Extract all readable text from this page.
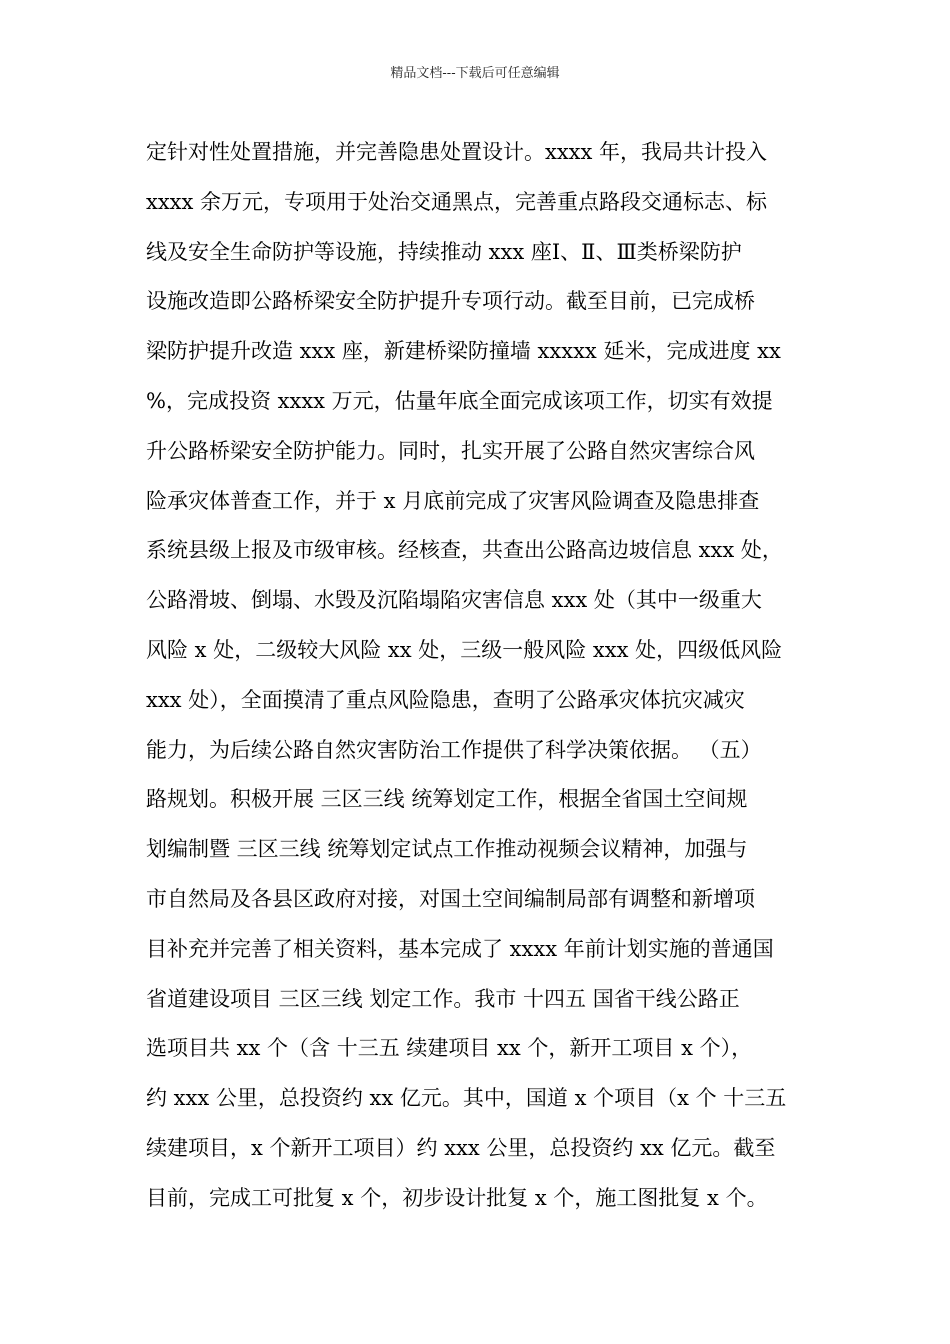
精品文档---下载后可任意编辑
定针对性处置措施，并完善隐患处置设计。xxxx 年，我局共计投入
xxxx 余万元，专项用于处治交通黑点，完善重点路段交通标志、标
线及安全生命防护等设施，持续推动 xxx 座Ⅰ、Ⅱ、Ⅲ类桥梁防护
设施改造即公路桥梁安全防护提升专项行动。截至目前，已完成桥
梁防护提升改造 xxx 座，新建桥梁防撞墙 xxxxx 延米，完成进度 xx
%，完成投资 xxxx 万元，估量年底全面完成该项工作，切实有效提
升公路桥梁安全防护能力。同时，扎实开展了公路自然灾害综合风
险承灾体普查工作，并于 x 月底前完成了灾害风险调查及隐患排查
系统县级上报及市级审核。经核查，共查出公路高边坡信息 xxx 处，
公路滑坡、倒塌、水毁及沉陷塌陷灾害信息 xxx 处（其中一级重大
风险 x 处，二级较大风险 xx 处，三级一般风险 xxx 处，四级低风险
xxx 处），全面摸清了重点风险隐患，查明了公路承灾体抗灾减灾
能力，为后续公路自然灾害防治工作提供了科学决策依据。 （五）
路规划。积极开展 三区三线 统筹划定工作，根据全省国土空间规
划编制暨 三区三线 统筹划定试点工作推动视频会议精神，加强与
市自然局及各县区政府对接，对国土空间编制局部有调整和新增项
目补充并完善了相关资料，基本完成了 xxxx 年前计划实施的普通国
省道建设项目 三区三线 划定工作。我市 十四五 国省干线公路正
选项目共 xx 个（含 十三五 续建项目 xx 个，新开工项目 x 个），
约 xxx 公里，总投资约 xx 亿元。其中，国道 x 个项目（x 个 十三五
续建项目，x 个新开工项目）约 xxx 公里，总投资约 xx 亿元。截至
目前，完成工可批复 x 个，初步设计批复 x 个，施工图批复 x 个。
